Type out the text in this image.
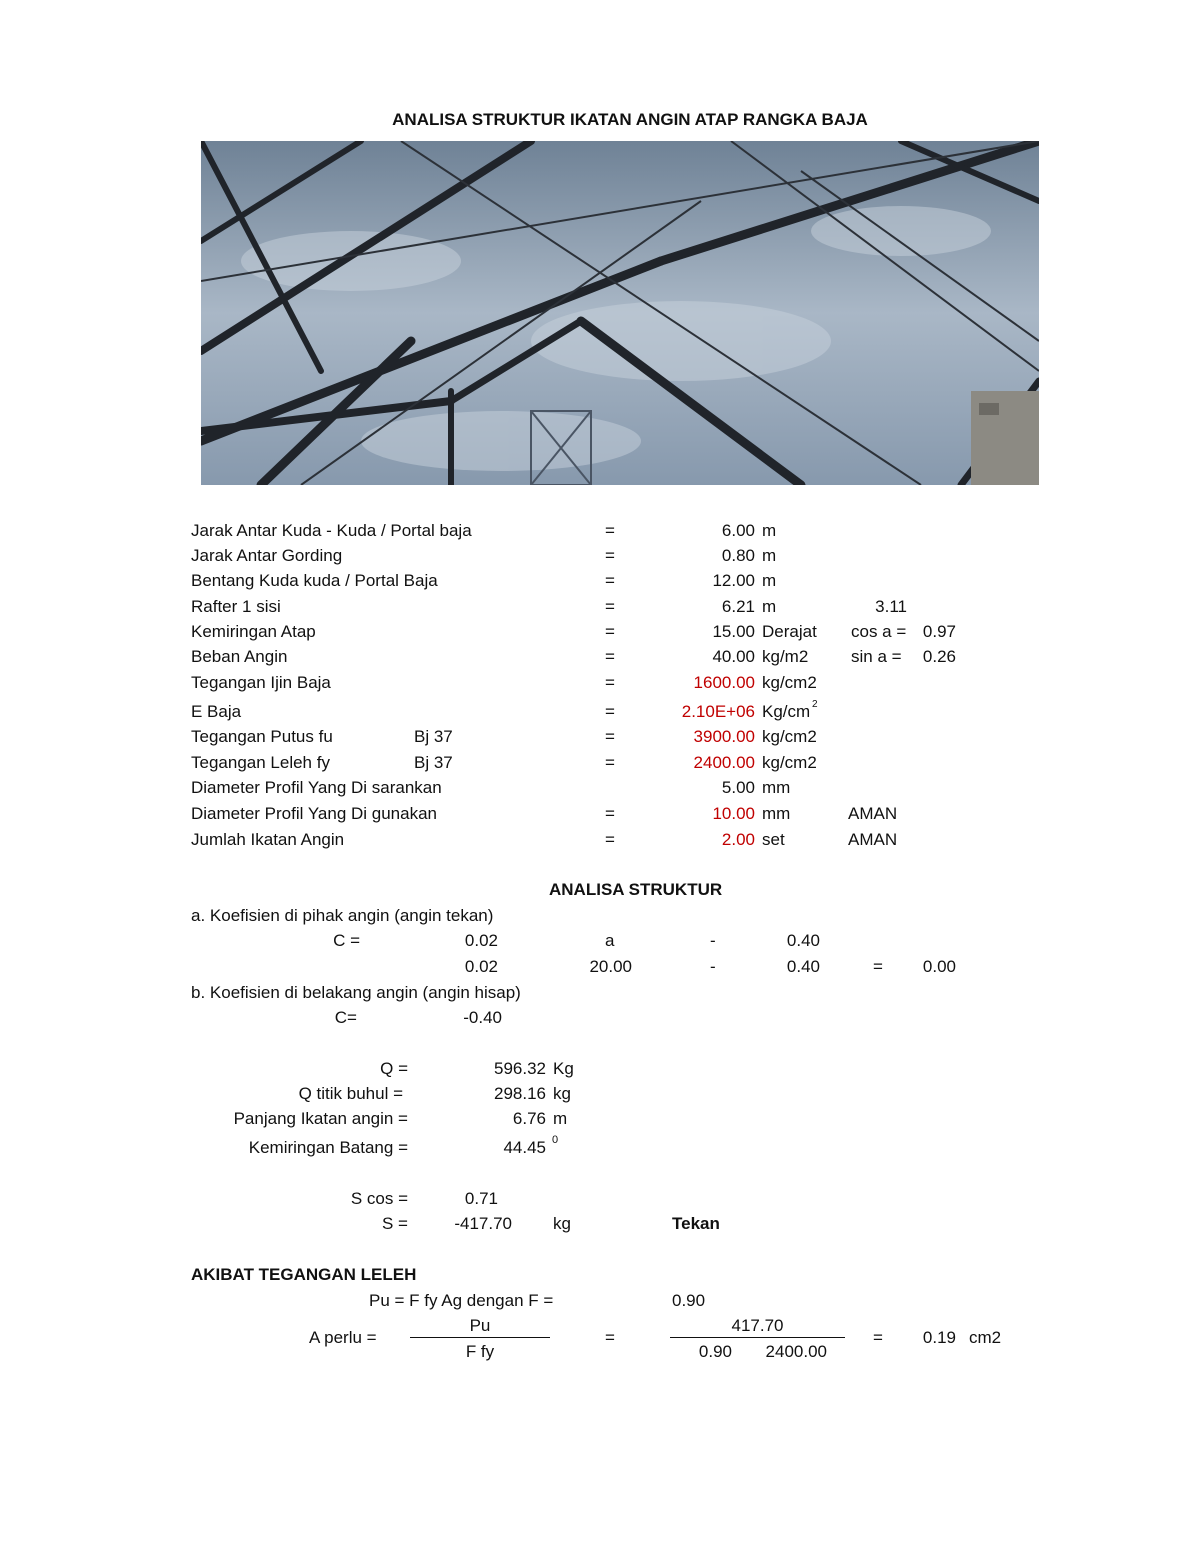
ANALISA STRUKTUR IKATAN ANGIN ATAP RANGKA BAJA
Jarak Antar Kuda - Kuda / Portal baja	=	6.00 m
Jarak Antar Gording	=	0.80 m
Bentang Kuda kuda / Portal Baja	=	12.00 m
Rafter 1 sisi	=	6.21 m	3.11
Kemiringan Atap	=	15.00 Derajat cos a = 0.97
Beban Angin	=	40.00 kg/m2	sin a =	0.26
Tegangan Ijin Baja	=	1600.00 kg/cm2
E Baja	=	2.10E+06 Kg/cm 2
Tegangan Putus fu	Bj 37	=	3900.00 kg/cm2
Tegangan Leleh fy	Bj 37	=	2400.00 kg/cm2
Diameter Profil Yang Di sarankan	5.00 mm
Diameter Profil Yang Di gunakan	=	10.00 mm	AMAN
Jumlah Ikatan Angin	=	2.00 set	AMAN
ANALISA STRUKTUR
a. Koefisien di pihak angin (angin tekan)
C =	0.02	a	-	0.40
0.02	20.00	-	0.40	=	0.00
b. Koefisien di belakang angin (angin hisap)
C=	-0.40
Q =	596.32 Kg
Q titik buhul =	298.16 kg
Panjang Ikatan angin =	6.76 m
Kemiringan Batang =	44.45 0
S cos =	0.71
S =	-417.70 kg	Tekan
AKIBAT TEGANGAN LELEH
Pu = F fy Ag dengan F =	0.90
A perlu =
Pu
F fy
=
417.70
0.90	2400.00
=	0.19 cm2
